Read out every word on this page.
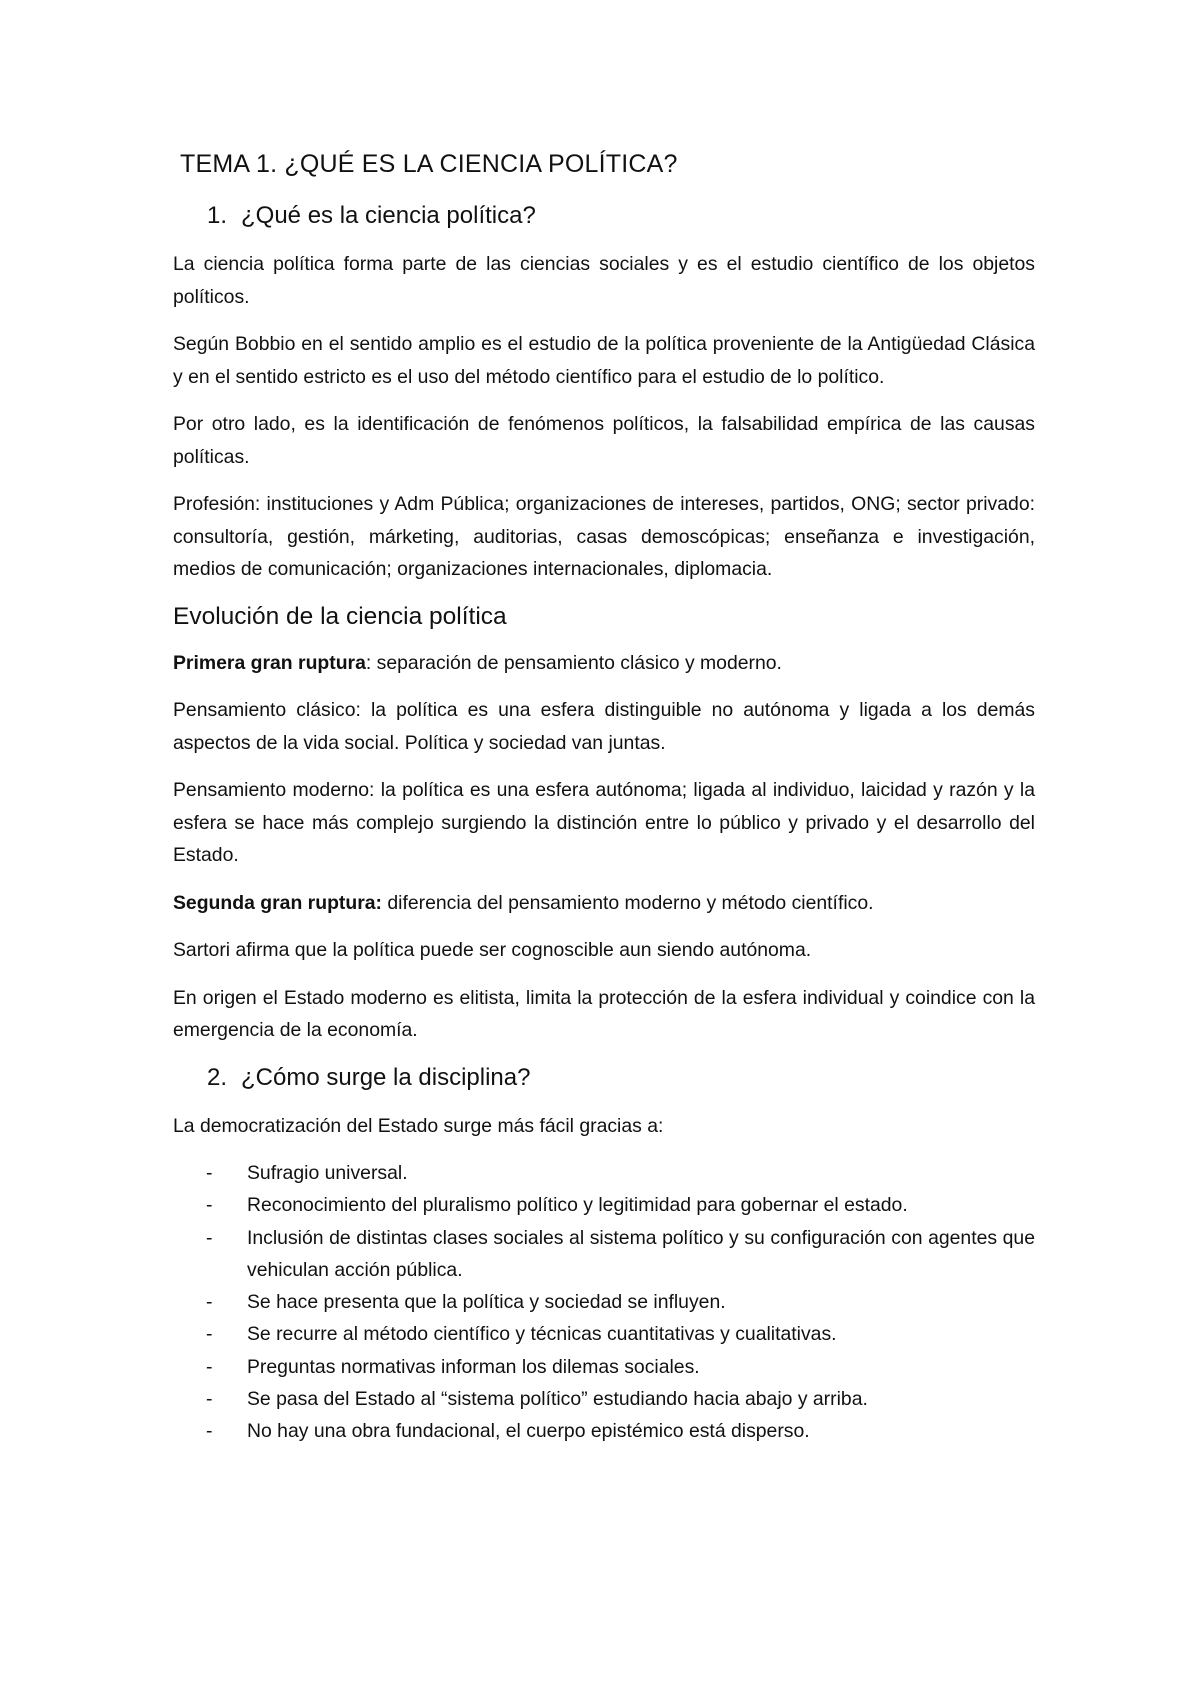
TEMA 1. ¿QUÉ ES LA CIENCIA POLÍTICA?
1. ¿Qué es la ciencia política?

La ciencia política forma parte de las ciencias sociales y es el estudio científico de los objetos políticos.

Según Bobbio en el sentido amplio es el estudio de la política proveniente de la Antigüedad Clásica y en el sentido estricto es el uso del método científico para el estudio de lo político.

Por otro lado, es la identificación de fenómenos políticos, la falsabilidad empírica de las causas políticas.

Profesión: instituciones y Adm Pública; organizaciones de intereses, partidos, ONG; sector privado: consultoría, gestión, márketing, auditorias, casas demoscópicas; enseñanza e investigación, medios de comunicación; organizaciones internacionales, diplomacia.

Evolución de la ciencia política

Primera gran ruptura: separación de pensamiento clásico y moderno.

Pensamiento clásico: la política es una esfera distinguible no autónoma y ligada a los demás aspectos de la vida social. Política y sociedad van juntas.

Pensamiento moderno: la política es una esfera autónoma; ligada al individuo, laicidad y razón y la esfera se hace más complejo surgiendo la distinción entre lo público y privado y el desarrollo del Estado.

Segunda gran ruptura: diferencia del pensamiento moderno y método científico.

Sartori afirma que la política puede ser cognoscible aun siendo autónoma.

En origen el Estado moderno es elitista, limita la protección de la esfera individual y coindice con la emergencia de la economía.

2. ¿Cómo surge la disciplina?

La democratización del Estado surge más fácil gracias a:

- Sufragio universal.
- Reconocimiento del pluralismo político y legitimidad para gobernar el estado.
- Inclusión de distintas clases sociales al sistema político y su configuración con agentes que vehiculan acción pública.
- Se hace presenta que la política y sociedad se influyen.
- Se recurre al método científico y técnicas cuantitativas y cualitativas.
- Preguntas normativas informan los dilemas sociales.
- Se pasa del Estado al “sistema político” estudiando hacia abajo y arriba.
- No hay una obra fundacional, el cuerpo epistémico está disperso.
